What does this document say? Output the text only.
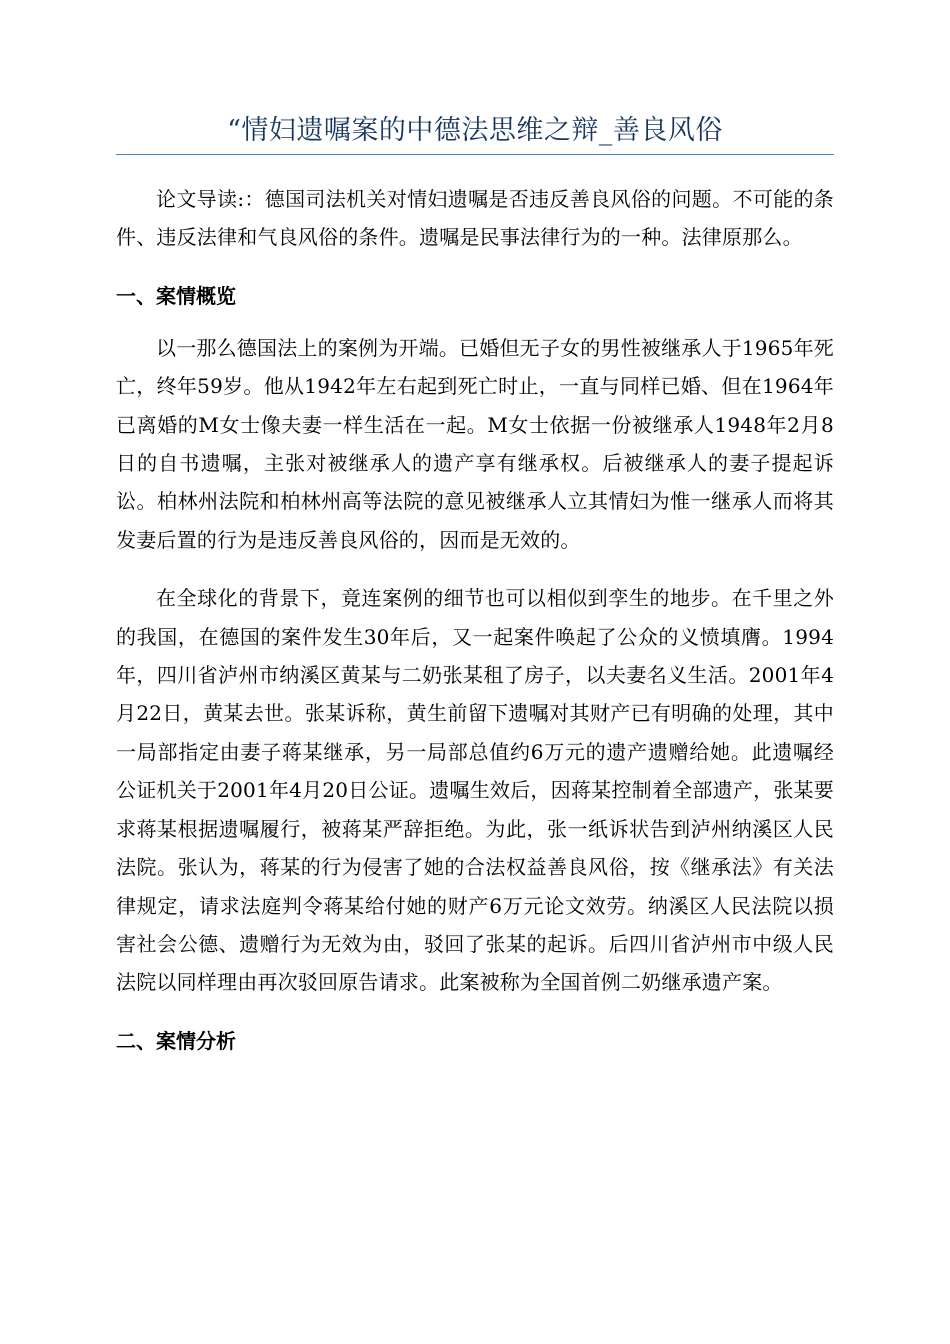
“情妇遗嘱案的中德法思维之辩_善良风俗

论文导读:：德国司法机关对情妇遗嘱是否违反善良风俗的问题。不可能的条件、违反法律和气良风俗的条件。遗嘱是民事法律行为的一种。法律原那么。

一、案情概览

以一那么德国法上的案例为开端。已婚但无子女的男性被继承人于1965年死亡，终年59岁。他从1942年左右起到死亡时止，一直与同样已婚、但在1964年已离婚的M女士像夫妻一样生活在一起。M女士依据一份被继承人1948年2月8日的自书遗嘱，主张对被继承人的遗产享有继承权。后被继承人的妻子提起诉讼。柏林州法院和柏林州高等法院的意见被继承人立其情妇为惟一继承人而将其发妻后置的行为是违反善良风俗的，因而是无效的。

在全球化的背景下，竟连案例的细节也可以相似到孪生的地步。在千里之外的我国，在德国的案件发生30年后，又一起案件唤起了公众的义愤填膺。1994年，四川省泸州市纳溪区黄某与二奶张某租了房子，以夫妻名义生活。2001年4月22日，黄某去世。张某诉称，黄生前留下遗嘱对其财产已有明确的处理，其中一局部指定由妻子蒋某继承，另一局部总值约6万元的遗产遗赠给她。此遗嘱经公证机关于2001年4月20日公证。遗嘱生效后，因蒋某控制着全部遗产，张某要求蒋某根据遗嘱履行，被蒋某严辞拒绝。为此，张一纸诉状告到泸州纳溪区人民法院。张认为，蒋某的行为侵害了她的合法权益善良风俗，按《继承法》有关法律规定，请求法庭判令蒋某给付她的财产6万元论文效劳。纳溪区人民法院以损害社会公德、遗赠行为无效为由，驳回了张某的起诉。后四川省泸州市中级人民法院以同样理由再次驳回原告请求。此案被称为全国首例二奶继承遗产案。

二、案情分析
